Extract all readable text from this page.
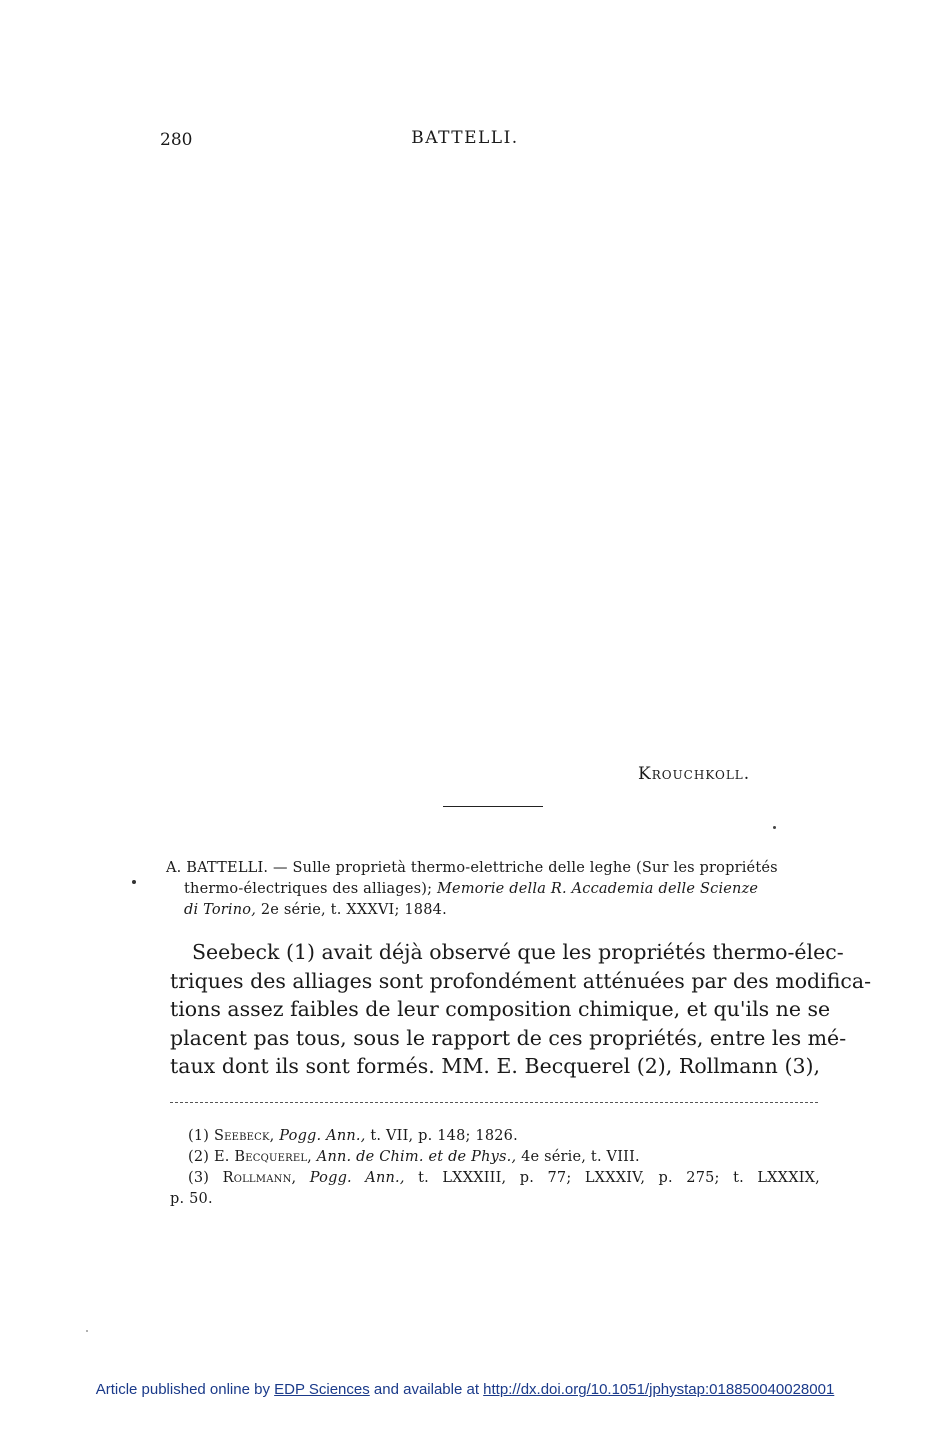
280	BATTELLI.
Kroucнkoll.
A. BATTELLI. — Sulle proprietà thermo-elettriche delle leghe (Sur les propriétés
thermo-électriques des alliages); Memorie della R. Accademia delle Scienze
di Torino, 2e série, t. XXXVI; 1884.
Seebeck (1) avait déjà observé que les propriétés thermo-élec-
triques des alliages sont profondément atténuées par des modifica-
tions assez faibles de leur composition chimique, et qu'ils ne se
placent pas tous, sous le rapport de ces propriétés, entre les mé-
taux dont ils sont formés. MM. E. Becquerel (2), Rollmann (3),
(1) Seebeck, Pogg. Ann., t. VII, p. 148; 1826.
(2) E. Becquerel, Ann. de Chim. et de Phys., 4e série, t. VIII.
(3) Rollmann, Pogg. Ann., t. LXXXIII, p. 77; LXXXIV, p. 275; t. LXXXIX,
p. 50.
Article published online by EDP Sciences and available at http://dx.doi.org/10.1051/jphystap:018850040028001
